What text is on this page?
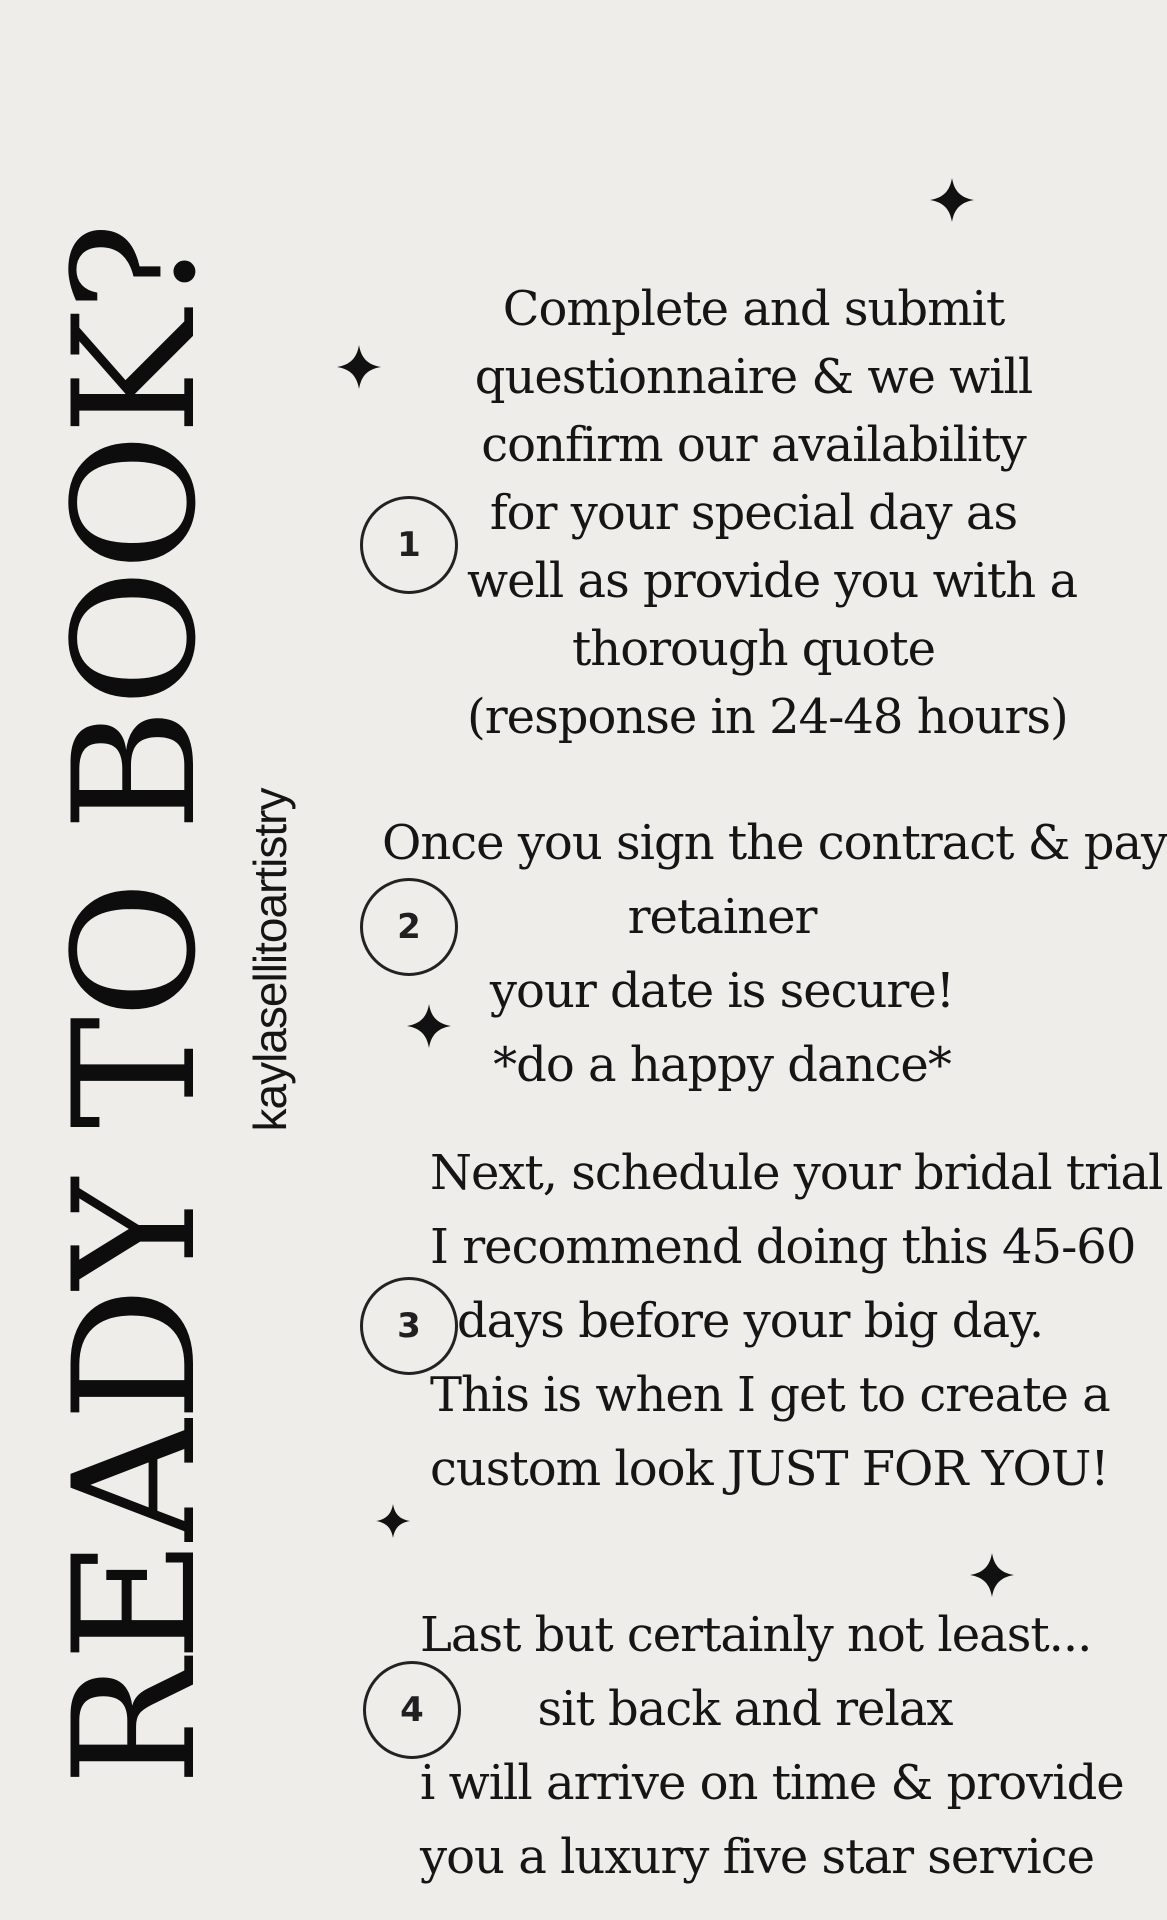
READY TO BOOK? kaylasellitoartistry
1
2
3
4
Complete and submit
questionnaire & we will
confirm our availability
for your special day as
well as provide you with a
thorough quote
(response in 24-48 hours)
Once you sign the contract & pay
retainer
your date is secure!
*do a happy dance*
Next, schedule your bridal trial
I recommend doing this 45-60
days before your big day.
This is when I get to create a
custom look JUST FOR YOU!
Last but certainly not least...
sit back and relax
i will arrive on time & provide
you a luxury five star service
